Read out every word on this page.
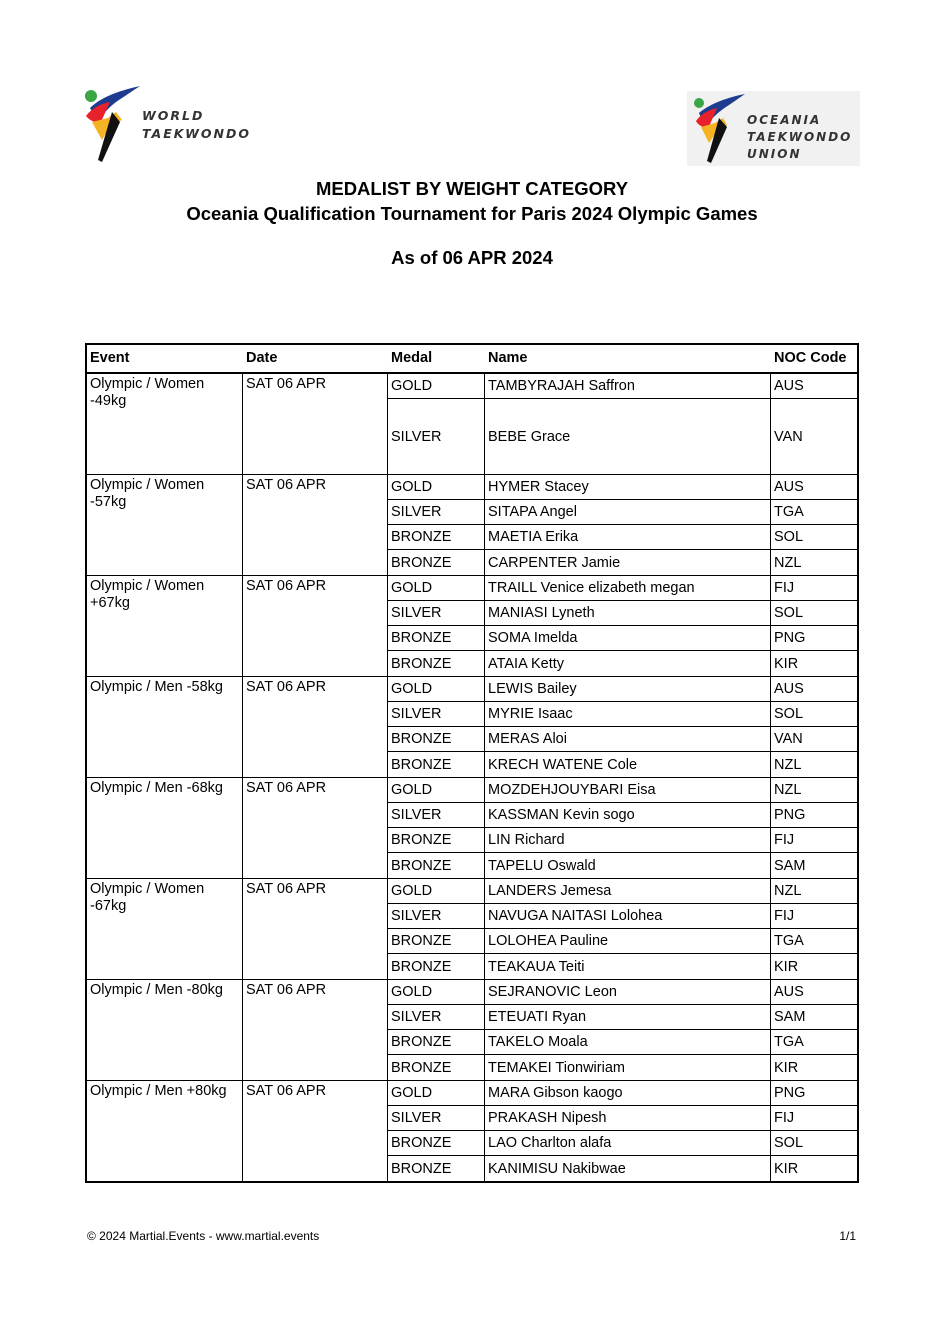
WORLD
TAEKWONDO
OCEANIA
TAEKWONDO
UNION
MEDALIST BY WEIGHT CATEGORY
Oceania Qualification Tournament for Paris 2024 Olympic Games
As of 06 APR 2024
Event	Date	Medal	Name	NOC Code
Olympic / Women -49kg
SAT 06 APR	GOLD	TAMBYRAJAH Saffron	AUS
SILVER	BEBE Grace	VAN
Olympic / Women -57kg
SAT 06 APR	GOLD	HYMER Stacey	AUS
SILVER	SITAPA Angel	TGA
BRONZE	MAETIA Erika	SOL
BRONZE	CARPENTER Jamie	NZL
Olympic / Women +67kg
SAT 06 APR	GOLD	TRAILL Venice elizabeth megan	FIJ
SILVER	MANIASI Lyneth	SOL
BRONZE	SOMA Imelda	PNG
BRONZE	ATAIA Ketty	KIR
Olympic / Men -58kg	SAT 06 APR	GOLD	LEWIS Bailey	AUS
SILVER	MYRIE Isaac	SOL
BRONZE	MERAS Aloi	VAN
BRONZE	KRECH WATENE Cole	NZL
Olympic / Men -68kg	SAT 06 APR	GOLD	MOZDEHJOUYBARI Eisa	NZL
SILVER	KASSMAN Kevin sogo	PNG
BRONZE	LIN Richard	FIJ
BRONZE	TAPELU Oswald	SAM
Olympic / Women -67kg
SAT 06 APR	GOLD	LANDERS Jemesa	NZL
SILVER	NAVUGA NAITASI Lolohea	FIJ
BRONZE	LOLOHEA Pauline	TGA
BRONZE	TEAKAUA Teiti	KIR
Olympic / Men -80kg	SAT 06 APR	GOLD	SEJRANOVIC Leon	AUS
SILVER	ETEUATI Ryan	SAM
BRONZE	TAKELO Moala	TGA
BRONZE	TEMAKEI Tionwiriam	KIR
Olympic / Men +80kg	SAT 06 APR	GOLD	MARA Gibson kaogo	PNG
SILVER	PRAKASH Nipesh	FIJ
BRONZE	LAO Charlton alafa	SOL
BRONZE	KANIMISU Nakibwae	KIR
© 2024 Martial.Events - www.martial.events	1/1
